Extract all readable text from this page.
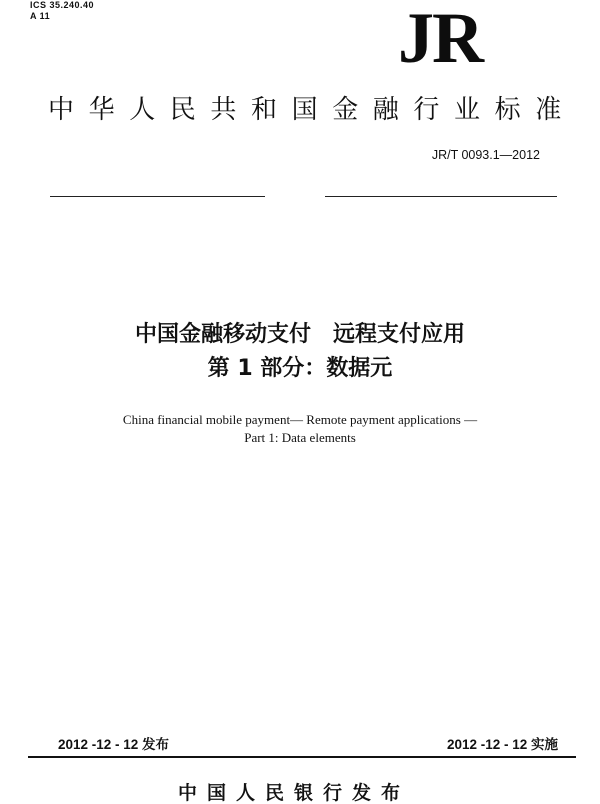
ICS 35.240.40
A 11	JR
中华人民共和国金融行业标准
JR/T 0093.1—2012
中国金融移动支付　远程支付应用
第 1 部分：数据元
China financial mobile payment— Remote payment applications —
Part 1: Data elements
2012 -12 - 12 发布	2012 -12 - 12 实施
中国人民银行发布
